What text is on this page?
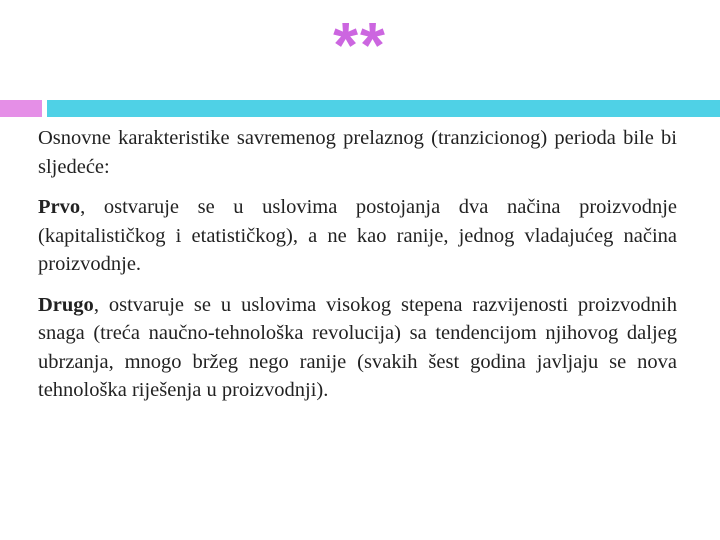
**

Osnovne karakteristike savremenog prelaznog (tranzicionog) perioda bile bi sljedeće:

Prvo, ostvaruje se u uslovima postojanja dva načina proizvodnje (kapitalističkog i etatističkog), a ne kao ranije, jednog vladajućeg načina proizvodnje.

Drugo, ostvaruje se u uslovima visokog stepena razvijenosti proizvodnih snaga (treća naučno-tehnološka revolucija) sa tendencijom njihovog daljeg ubrzanja, mnogo bržeg nego ranije (svakih šest godina javljaju se nova tehnološka riješenja u proizvodnji).
